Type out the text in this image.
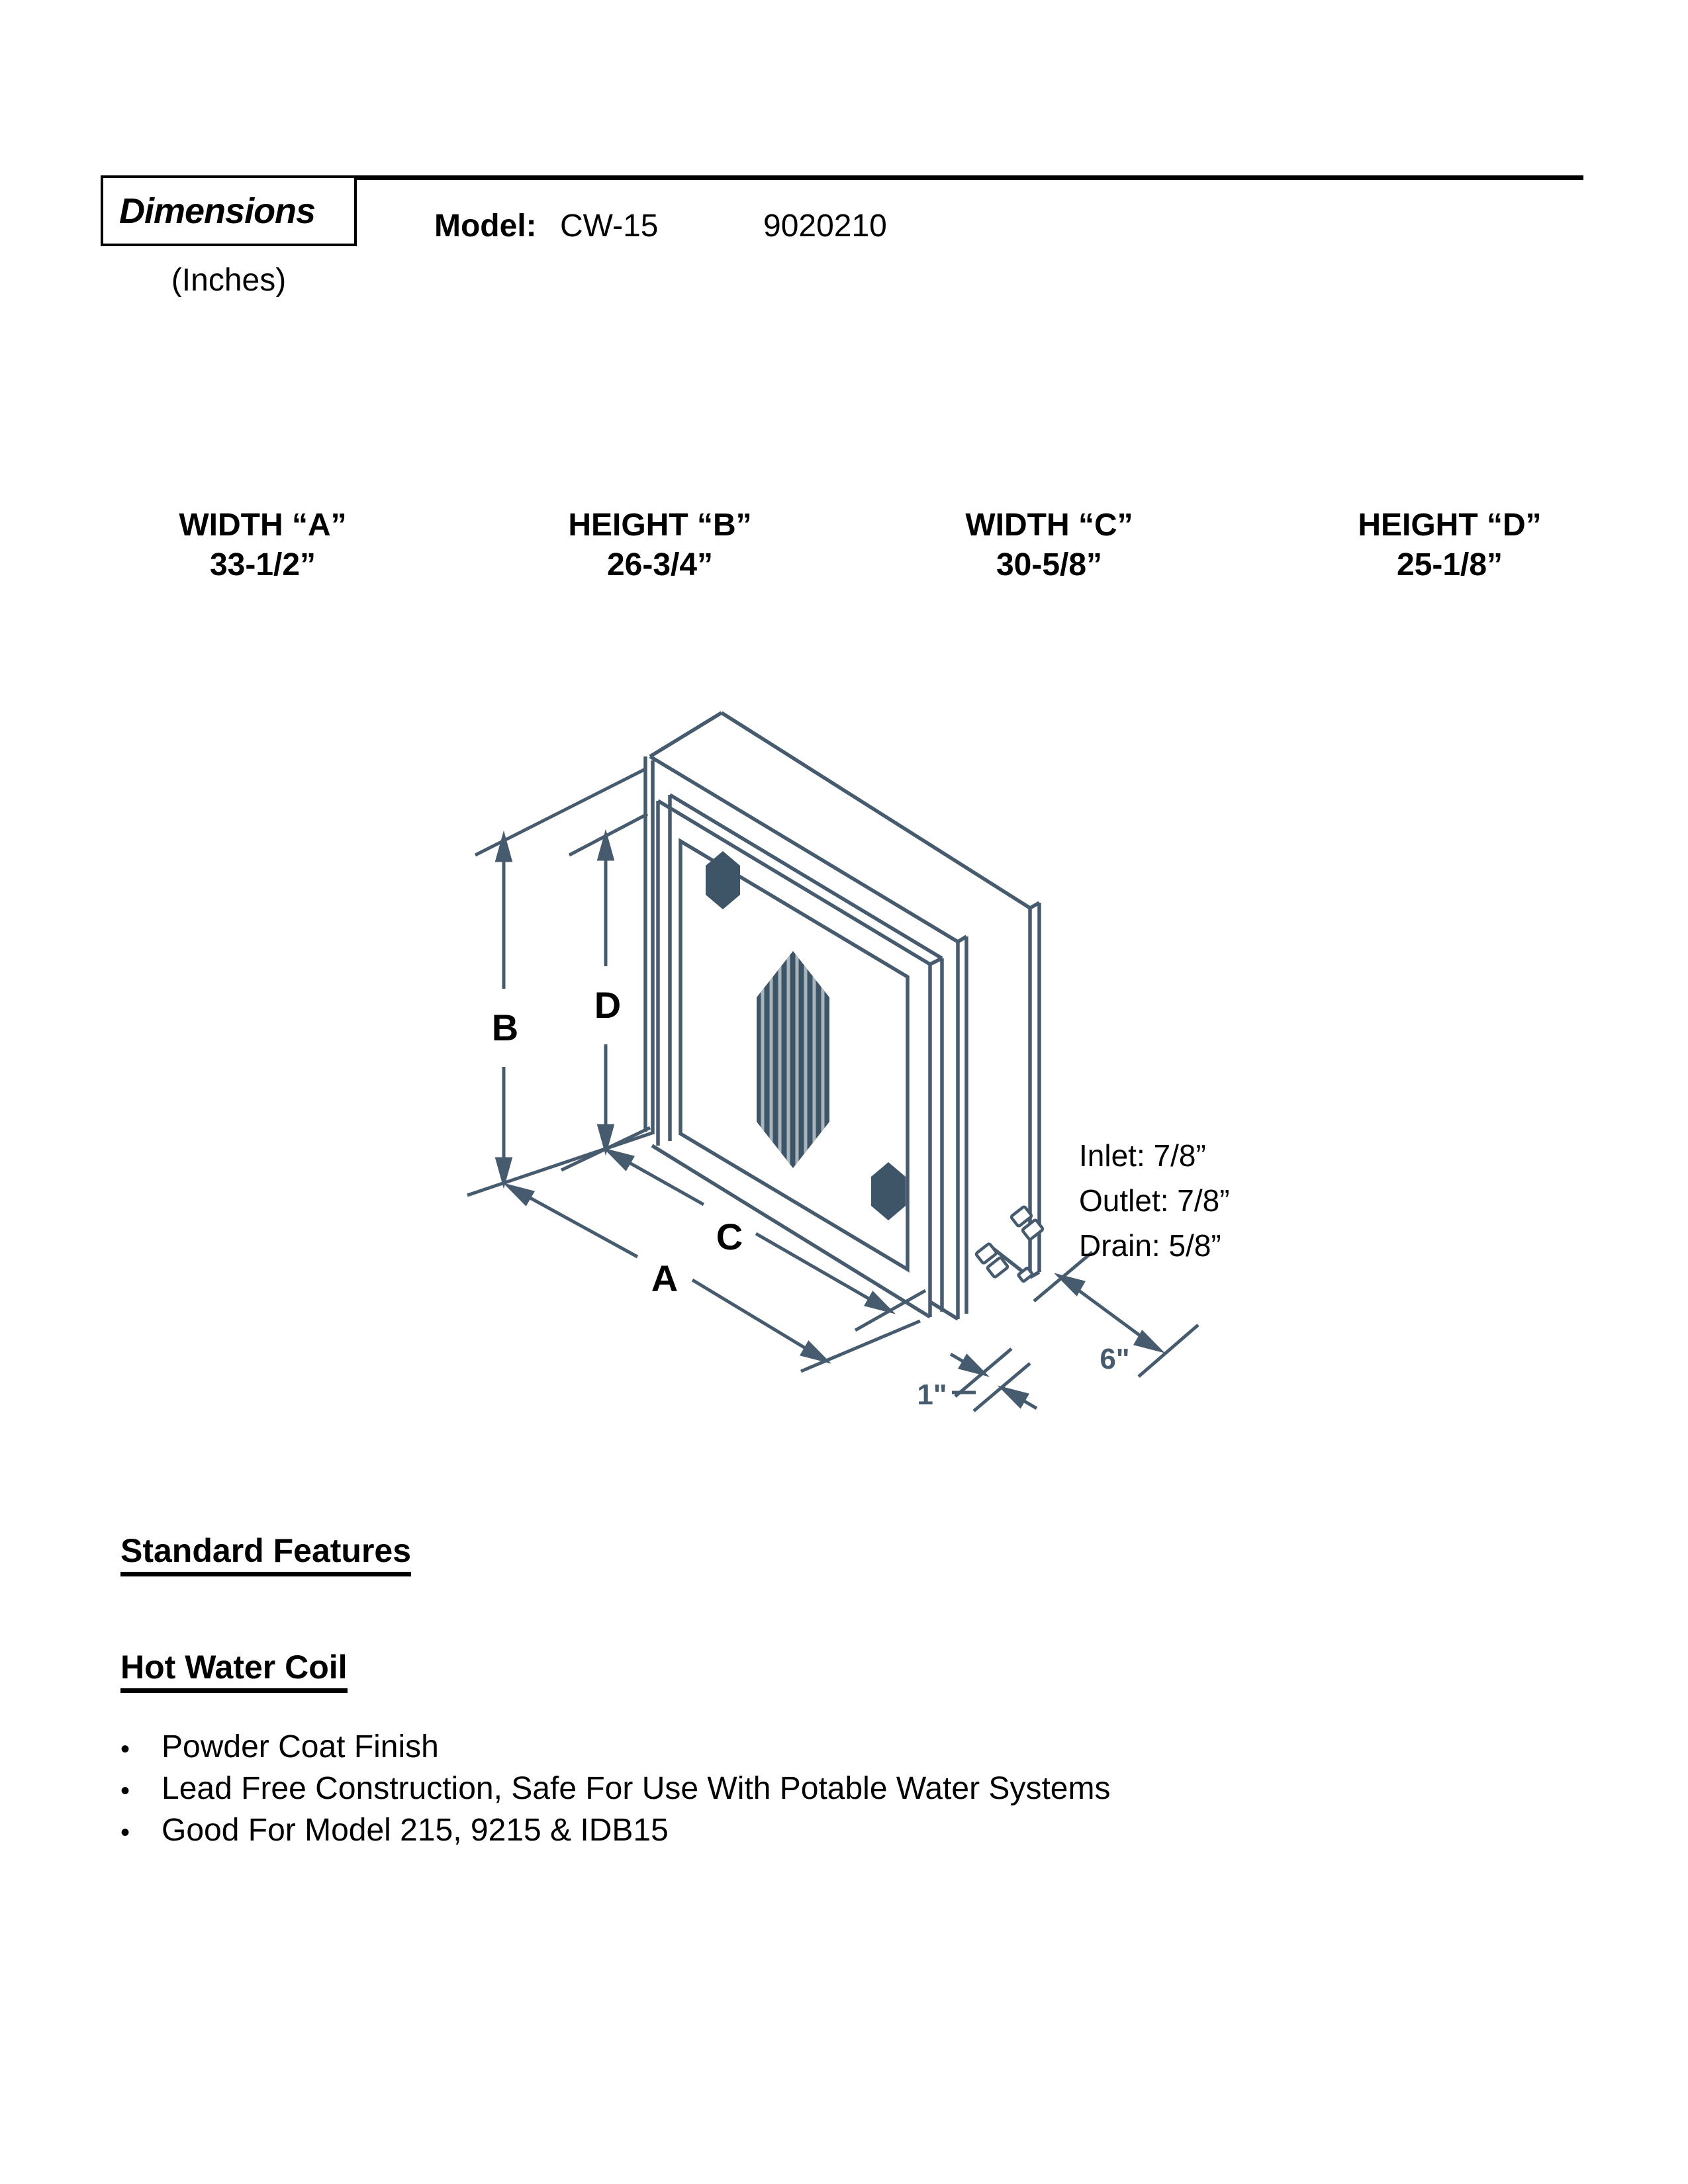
Dimensions
(Inches)
Model: CW-15	9020210
WIDTH “A”
33-1/2”
HEIGHT “B”
26-3/4”
WIDTH “C”
30-5/8”
HEIGHT “D”
25-1/8”
B
D
C
A
1"
6"
Inlet: 7/8”
Outlet: 7/8”
Drain: 5/8”
Standard Features
Hot Water Coil
• Powder Coat Finish
• Lead Free Construction, Safe For Use With Potable Water Systems
• Good For Model 215, 9215 & IDB15
